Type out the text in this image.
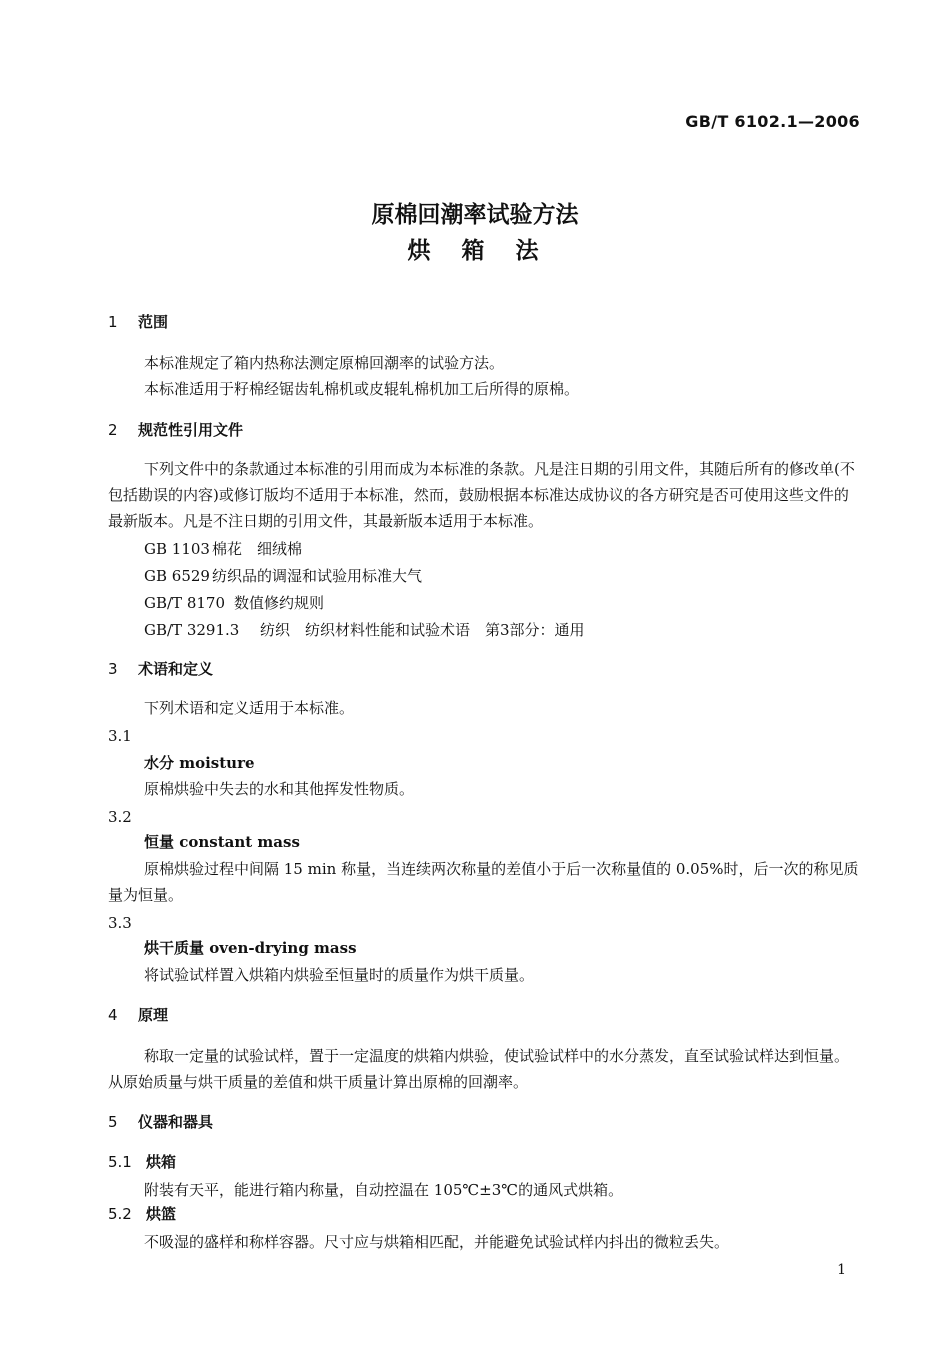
GB/T 6102.1—2006
原棉回潮率试验方法
烘　箱　法
1 范围
本标准规定了箱内热称法测定原棉回潮率的试验方法。
本标准适用于籽棉经锯齿轧棉机或皮辊轧棉机加工后所得的原棉。
2 规范性引用文件
下列文件中的条款通过本标准的引用而成为本标准的条款。凡是注日期的引用文件，其随后所有的修改单(不包括勘误的内容)或修订版均不适用于本标准，然而，鼓励根据本标准达成协议的各方研究是否可使用这些文件的最新版本。凡是不注日期的引用文件，其最新版本适用于本标准。
GB 1103 棉花　细绒棉
GB 6529 纺织品的调湿和试验用标准大气
GB/T 8170 数值修约规则
GB/T 3291.3 纺织　纺织材料性能和试验术语　第3部分：通用
3 术语和定义
下列术语和定义适用于本标准。
3.1
水分 moisture
原棉烘验中失去的水和其他挥发性物质。
3.2
恒量 constant mass
原棉烘验过程中间隔 15 min 称量，当连续两次称量的差值小于后一次称量值的 0.05%时，后一次的称见质量为恒量。
3.3
烘干质量 oven-drying mass
将试验试样置入烘箱内烘验至恒量时的质量作为烘干质量。
4 原理
称取一定量的试验试样，置于一定温度的烘箱内烘验，使试验试样中的水分蒸发，直至试验试样达到恒量。从原始质量与烘干质量的差值和烘干质量计算出原棉的回潮率。
5 仪器和器具
5.1 烘箱
附装有天平，能进行箱内称量，自动控温在 105℃±3℃的通风式烘箱。
5.2 烘篮
不吸湿的盛样和称样容器。尺寸应与烘箱相匹配，并能避免试验试样内抖出的微粒丢失。
1
